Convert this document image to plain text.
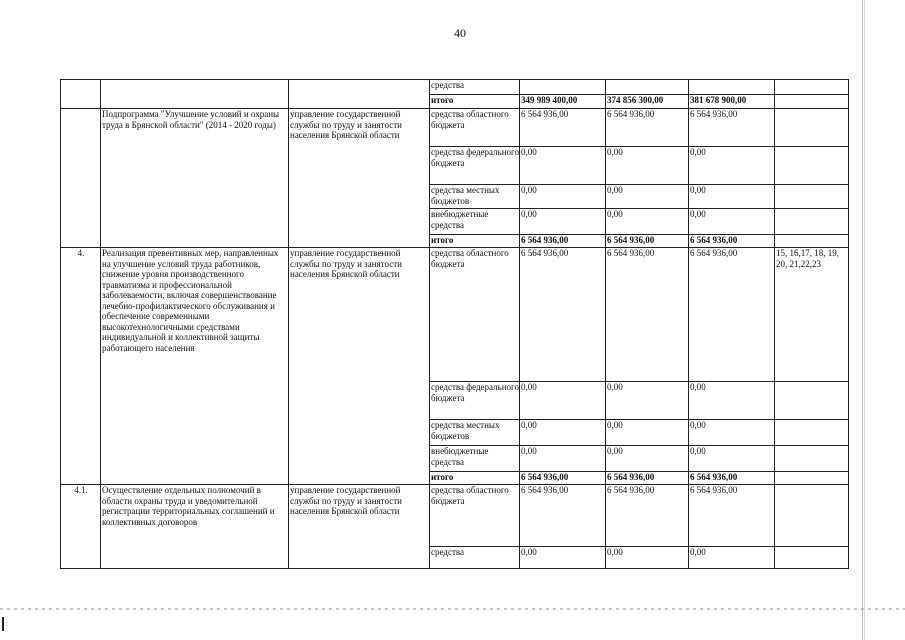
40
			средства				
			итого	349 989 400,00	374 856 300,00	381 678 900,00	
	Подпрограмма "Улучшение условий и охраны труда в Брянской области" (2014 - 2020 годы)	управление государственной службы по труду и занятости населения Брянской области	средства областного бюджета	6 564 936,00	6 564 936,00	6 564 936,00	
			средства федерального бюджета	0,00	0,00	0,00	
			средства местных бюджетов	0,00	0,00	0,00	
			внебюджетные средства	0,00	0,00	0,00	
			итого	6 564 936,00	6 564 936,00	6 564 936,00	
4.	Реализация превентивных мер, направленных на улучшение условий труда работников, снижение уровня производственного травматизма и профессиональной заболеваемости, включая совершенствование лечебно-профилактического обслуживания и обеспечение современными высокотехнологичными средствами индивидуальной и коллективной защиты работающего населения	управление государственной службы по труду и занятости населения Брянской области	средства областного бюджета	6 564 936,00	6 564 936,00	6 564 936,00	15, 16,17, 18, 19, 20, 21,22,23
			средства федерального бюджета	0,00	0,00	0,00	
			средства местных бюджетов	0,00	0,00	0,00	
			внебюджетные средства	0,00	0,00	0,00	
			итого	6 564 936,00	6 564 936,00	6 564 936,00	
4.1.	Осуществление отдельных полномочий в области охраны труда и уведомительной регистрации территориальных соглашений и коллективных договоров	управление государственной службы по труду и занятости населения Брянской области	средства областного бюджета	6 564 936,00	6 564 936,00	6 564 936,00	
			средства	0,00	0,00	0,00	
